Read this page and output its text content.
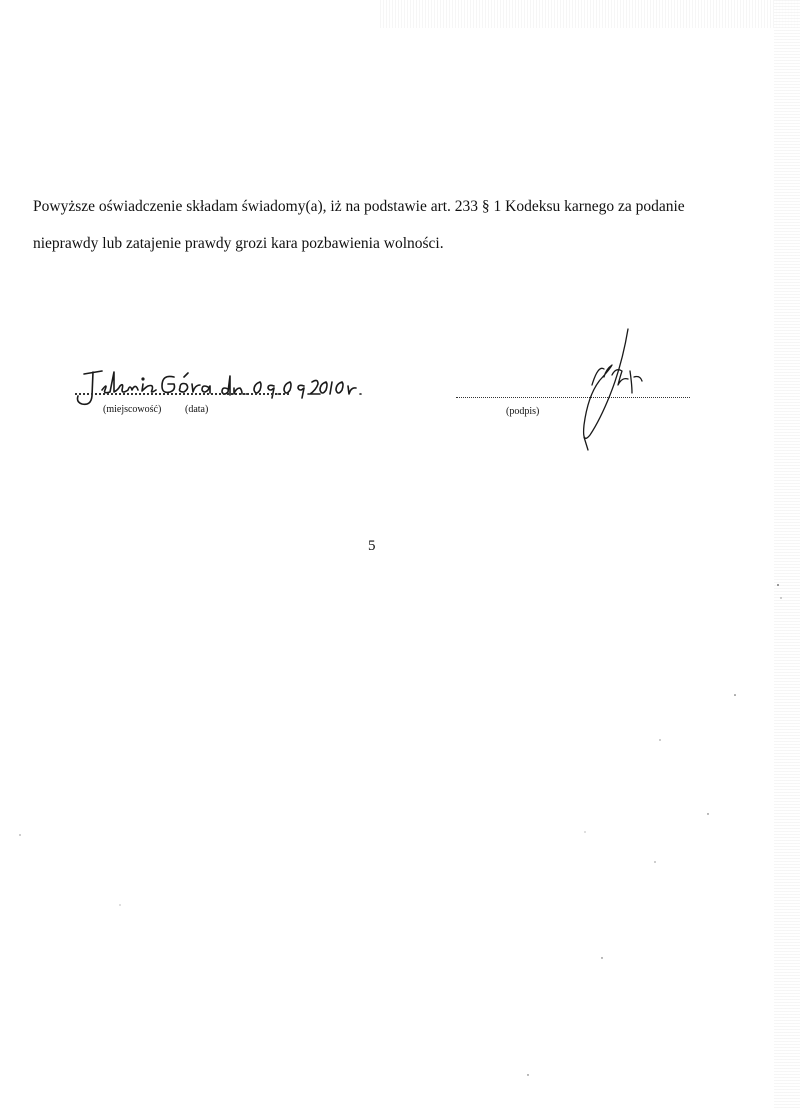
Powyższe oświadczenie składam świadomy(a), iż na podstawie art. 233 § 1 Kodeksu karnego za podanie
nieprawdy lub zatajenie prawdy grozi kara pozbawienia wolności.
(miejscowość) (data)	(podpis)
5
